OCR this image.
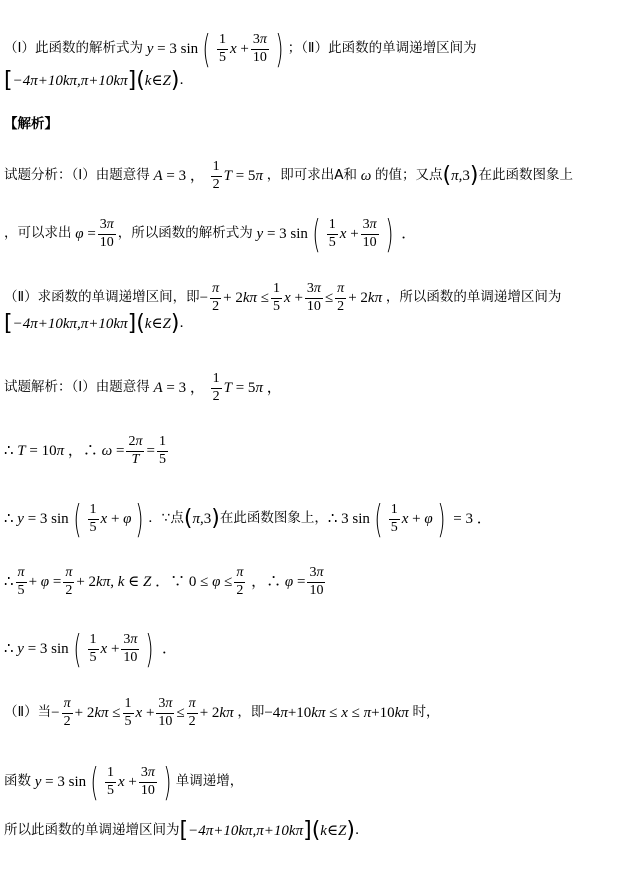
（Ⅰ）此函数的解析式为 y = 3 sin ( $\frac{1}{5}$ $x + \frac{3\pi}{10}$ ) ；（Ⅱ）此函数的单调递增区间为
[ −4π+10kπ,π+10kπ ] ( k∈Z ) ．
【解析】
试题分析：（Ⅰ）由题意得 A = 3 ， $\frac{1}{2}$ T = 5π ，即可求出A和 ω 的值；又点 ( π,3 ) 在此函数图象上
，可以求出 $\varphi = \frac{3\pi}{10}$ ，所以函数的解析式为 y = 3 sin ( $\frac{1}{5}$ $x + \frac{3\pi}{10}$ ) ．
（Ⅱ）求函数的单调递增区间，即 − $\frac{\pi}{2} + 2k\pi \le \frac{1}{5}$ $x + \frac{3\pi}{10} \le \frac{\pi}{2} + 2k\pi$ ，所以函数的单调递增区间为
[ −4π+10kπ,π+10kπ ] ( k∈Z ) ．
试题解析：（Ⅰ）由题意得 A = 3 ， $\frac{1}{2}$ T = 5π ，
∴ T = 10π ，∴ $\omega = \frac{2\pi}{T} = \frac{1}{5}$
∴ y = 3 sin ( $\frac{1}{5}$ x + φ ) ．∵点 ( π,3 ) 在此函数图象上， ∴ 3 sin ( $\frac{1}{5}$ x + φ ) = 3 ．
∴ $\frac{\pi}{5} + \varphi = \frac{\pi}{2} + 2k\pi$, k ∈ Z ．∵ $0 \le \varphi \le \frac{\pi}{2}$ ，∴ $\varphi = \frac{3\pi}{10}$
∴ y = 3 sin ( $\frac{1}{5}$ $x + \frac{3\pi}{10}$ ) ．
（Ⅱ）当 − $\frac{\pi}{2} + 2k\pi \le \frac{1}{5}$ $x + \frac{3\pi}{10} \le \frac{\pi}{2} + 2k\pi$ ，即 −4π+10kπ ≤ x ≤ π+10kπ 时，
函数 y = 3 sin ( $\frac{1}{5}$ $x + \frac{3\pi}{10}$ ) 单调递增，
所以此函数的单调递增区间为 [ −4π+10kπ,π+10kπ ] ( k∈Z ) ．
